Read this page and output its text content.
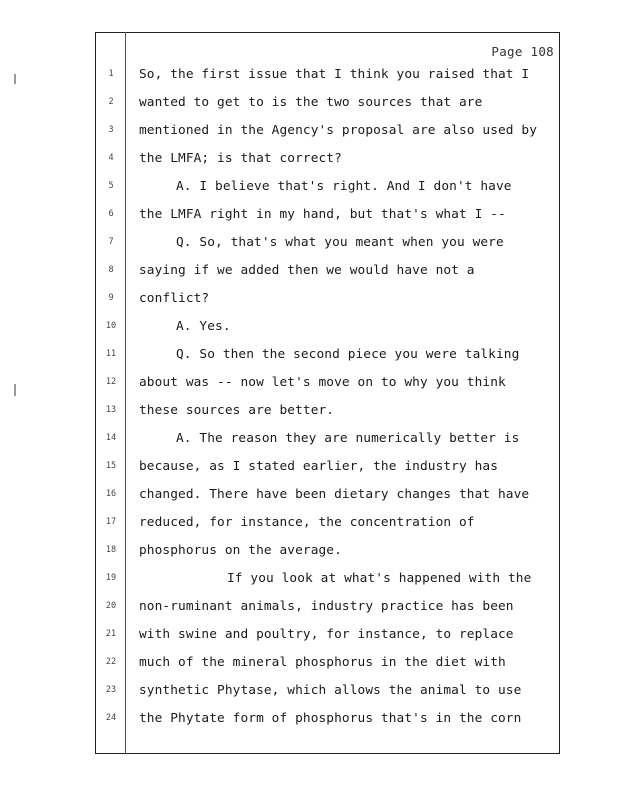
Page 108
1	So, the first issue that I think you raised that I
2	wanted to get to is the two sources that are
3	mentioned in the Agency's proposal are also used by
4	the LMFA; is that correct?
5	A. I believe that's right. And I don't have
6	the LMFA right in my hand, but that's what I --
7	Q. So, that's what you meant when you were
8	saying if we added then we would have not a
9	conflict?
10	A. Yes.
11	Q. So then the second piece you were talking
12	about was -- now let's move on to why you think
13	these sources are better.
14	A. The reason they are numerically better is
15	because, as I stated earlier, the industry has
16	changed. There have been dietary changes that have
17	reduced, for instance, the concentration of
18	phosphorus on the average.
19	If you look at what's happened with the
20	non-ruminant animals, industry practice has been
21	with swine and poultry, for instance, to replace
22	much of the mineral phosphorus in the diet with
23	synthetic Phytase, which allows the animal to use
24	the Phytate form of phosphorus that's in the corn
